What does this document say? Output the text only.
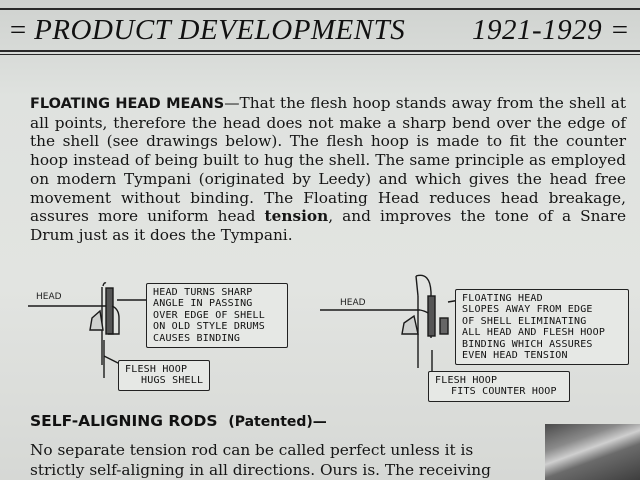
= PRODUCT DEVELOPMENTS 1921-1929 =
FLOATING HEAD MEANS—That the flesh hoop stands away from the shell at all points, therefore the head does not make a sharp bend over the edge of the shell (see drawings below). The flesh hoop is made to fit the counter hoop instead of being built to hug the shell. The same principle as employed on modern Tympani (originated by Leedy) and which gives the head free movement without binding. The Floating Head reduces head breakage, assures more uniform head tension, and improves the tone of a Snare Drum just as it does the Tympani.
HEAD	HEAD TURNS SHARP
ANGLE IN PASSING
OVER EDGE OF SHELL
ON OLD STYLE DRUMS
CAUSES BINDING
FLESH HOOP
HUGS SHELL
HEAD	FLOATING HEAD
SLOPES AWAY FROM EDGE
OF SHELL ELIMINATING
ALL HEAD AND FLESH HOOP
BINDING WHICH ASSURES
EVEN HEAD TENSION
FLESH HOOP
FITS COUNTER HOOP
SELF-ALIGNING RODS (Patented)—
No separate tension rod can be called perfect unless it is
strictly self-aligning in all directions. Ours is. The receiving
